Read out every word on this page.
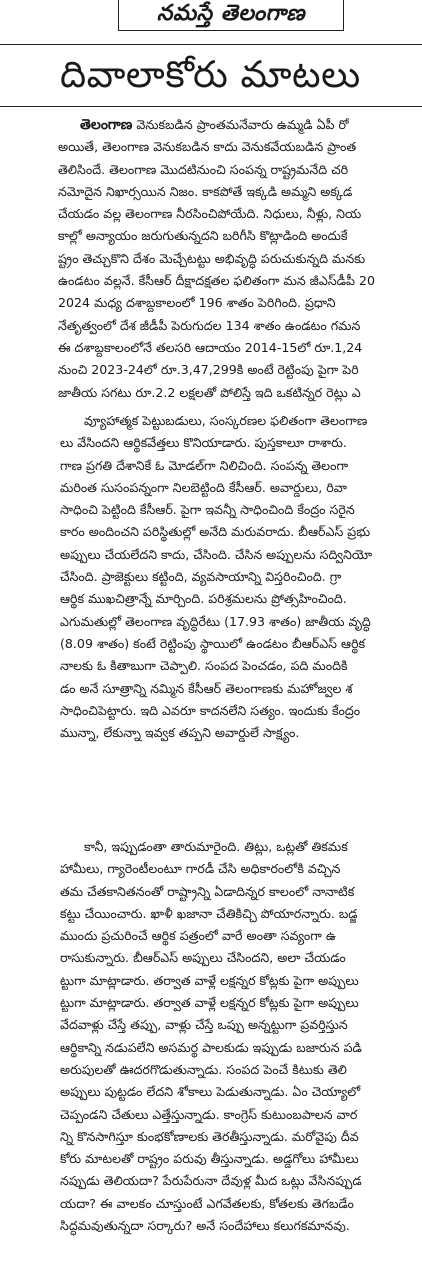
నమస్తే తెలంగాణ
దివాలాకోరు మాటలు
తెలంగాణ వెనుకబడిన ప్రాంతమనేవారు ఉమ్మడి ఏపీ రో
అయితే, తెలంగాణ వెనుకబడిన కాదు వెనుకవేయబడిన ప్రాంత
తెలిసిందే. తెలంగాణ మొదటినుంచి సంపన్న రాష్ట్రమనేది చరి
నమోదైన నిఖార్సయిన నిజం. కాకపోతే ఇక్కడి అమ్మని అక్కడ
చేయడం వల్ల తెలంగాణ నీరసించిపోయేది. నిధులు, నీళ్లు, నియ
కాల్లో అన్యాయం జరుగుతున్నదని బరిగీసి కొట్లాడింది అందుకే
ష్ట్రం తెచ్చుకొని దేశం మెచ్చేటట్టు అభివృద్ధి పరుచుకున్నది మనకు
ఉండటం వల్లనే. కేసీఆర్ దీక్షాదక్షతల ఫలితంగా మన జీఎస్‌డీపీ 20
2024 మధ్య దశాబ్దకాలంలో 196 శాతం పెరిగింది. ప్రధాని
నేతృత్వంలో దేశ జీడీపీ పెరుగుదల 134 శాతం ఉండటం గమన
ఈ దశాబ్దకాలంలోనే తలసరి ఆదాయం 2014-15లో రూ.1,24
నుంచి 2023-24లో రూ.3,47,299కి అంటే రెట్టింపు పైగా పెరి
జాతీయ సగటు రూ.2.2 లక్షలతో పోలిస్తే ఇది ఒకటిన్నర రెట్లు ఎ
వ్యూహాత్మక పెట్టుబడులు, సంస్కరణల ఫలితంగా తెలంగాణ
లు వేసిందని ఆర్థికవేత్తలు కొనియాడారు. పుస్తకాలూ రాశారు.
గాణ ప్రగతి దేశానికే ఓ మోడల్‌గా నిలిచింది. సంపన్న తెలంగా
మరింత సుసంపన్నంగా నిలబెట్టింది కేసీఆర్. అవార్డులు, రివా
సాధించి పెట్టింది కేసీఆర్. పైగా ఇవన్నీ సాధించింది కేంద్రం సరైన
కారం అందించని పరిస్థితుల్లో అనేది మరువరాదు. బీఆర్ఎస్ ప్రభు
అప్పులు చేయలేదని కాదు, చేసింది. చేసిన అప్పులను సద్వినియో
చేసింది. ప్రాజెక్టులు కట్టింది, వ్యవసాయాన్ని విస్తరించింది. గ్రా
ఆర్థిక ముఖచిత్రాన్నే మార్చింది. పరిశ్రమలను ప్రోత్సహించింది.
ఎగుమతుల్లో తెలంగాణ వృద్ధిరేటు (17.93 శాతం) జాతీయ వృద్ధి
(8.09 శాతం) కంటే రెట్టింపు స్థాయిలో ఉండటం బీఆర్ఎస్ ఆర్థిక
నాలకు ఓ కితాబుగా చెప్పాలి. సంపద పెంచడం, పది మందికి
డం అనే సూత్రాన్ని నమ్మిన కేసీఆర్ తెలంగాణకు మహోజ్వల శ
సాధించిపెట్టారు. ఇది ఎవరూ కాదనలేని సత్యం. ఇందుకు కేంద్రం
మున్నా, లేకున్నా ఇవ్వక తప్పని అవార్డులే సాక్ష్యం.
కానీ, ఇప్పుడంతా తారుమారైంది. తిట్లు, ఒట్లతో తికమక
హామీలు, గ్యారెంటీలంటూ గారడీ చేసి అధికారంలోకి వచ్చిన
తమ చేతకానితనంతో రాష్ట్రాన్ని ఏడాదిన్నర కాలంలో నానాటిక
కట్టు చేయించారు. ఖాళీ ఖజానా చేతికిచ్చి పోయారన్నారు. బడ్జ
ముందు ప్రచురించే ఆర్థిక పత్రంలో వారే అంతా సవ్యంగా ఉ
రాసుకున్నారు. బీఆర్ఎస్ అప్పులు చేసిందని, అలా చేయడం
ట్టుగా మాట్లాడారు. తర్వాత వాళ్లే లక్షన్నర కోట్లకు పైగా అప్పులు
ట్టుగా మాట్లాడారు. తర్వాత వాళ్లే లక్షన్నర కోట్లకు పైగా అప్పులు
వేదవాళ్లు చేస్తే తప్పు, వాళ్లు చేస్తే ఒప్పు అన్నట్టుగా ప్రవర్తిస్తున
ఆర్థికాన్ని నడుపలేని అసమర్థ పాలకుడు ఇప్పుడు బజారున పడి
అరుపులతో ఊదరగొడుతున్నాడు. సంపద పెంచే కిటుకు తెలి
అప్పులు పుట్టడం లేదని శోకాలు పెడుతున్నాడు. ఏం చెయ్యాలో
చెప్పండని చేతులు ఎత్తేస్తున్నాడు. కాంగ్రెస్ కుటుంబపాలన వార
న్ని కొనసాగిస్తూ కుంభకోణాలకు తెరతీస్తున్నాడు. మరోవైపు దీవ
కోరు మాటలతో రాష్ట్రం పరువు తీస్తున్నాడు. అడ్డగోలు హామీలు
నప్పుడు తెలియదా? పేరుపేరునా దేవుళ్ల మీద ఒట్లు వేసినప్పుడ
యదా? ఈ వాలకం చూస్తుంటే ఎగవేతలకు, కోతలకు తెగబడేం
సిద్ధమవుతున్నదా సర్కారు? అనే సందేహాలు కలుగకమానవు.
